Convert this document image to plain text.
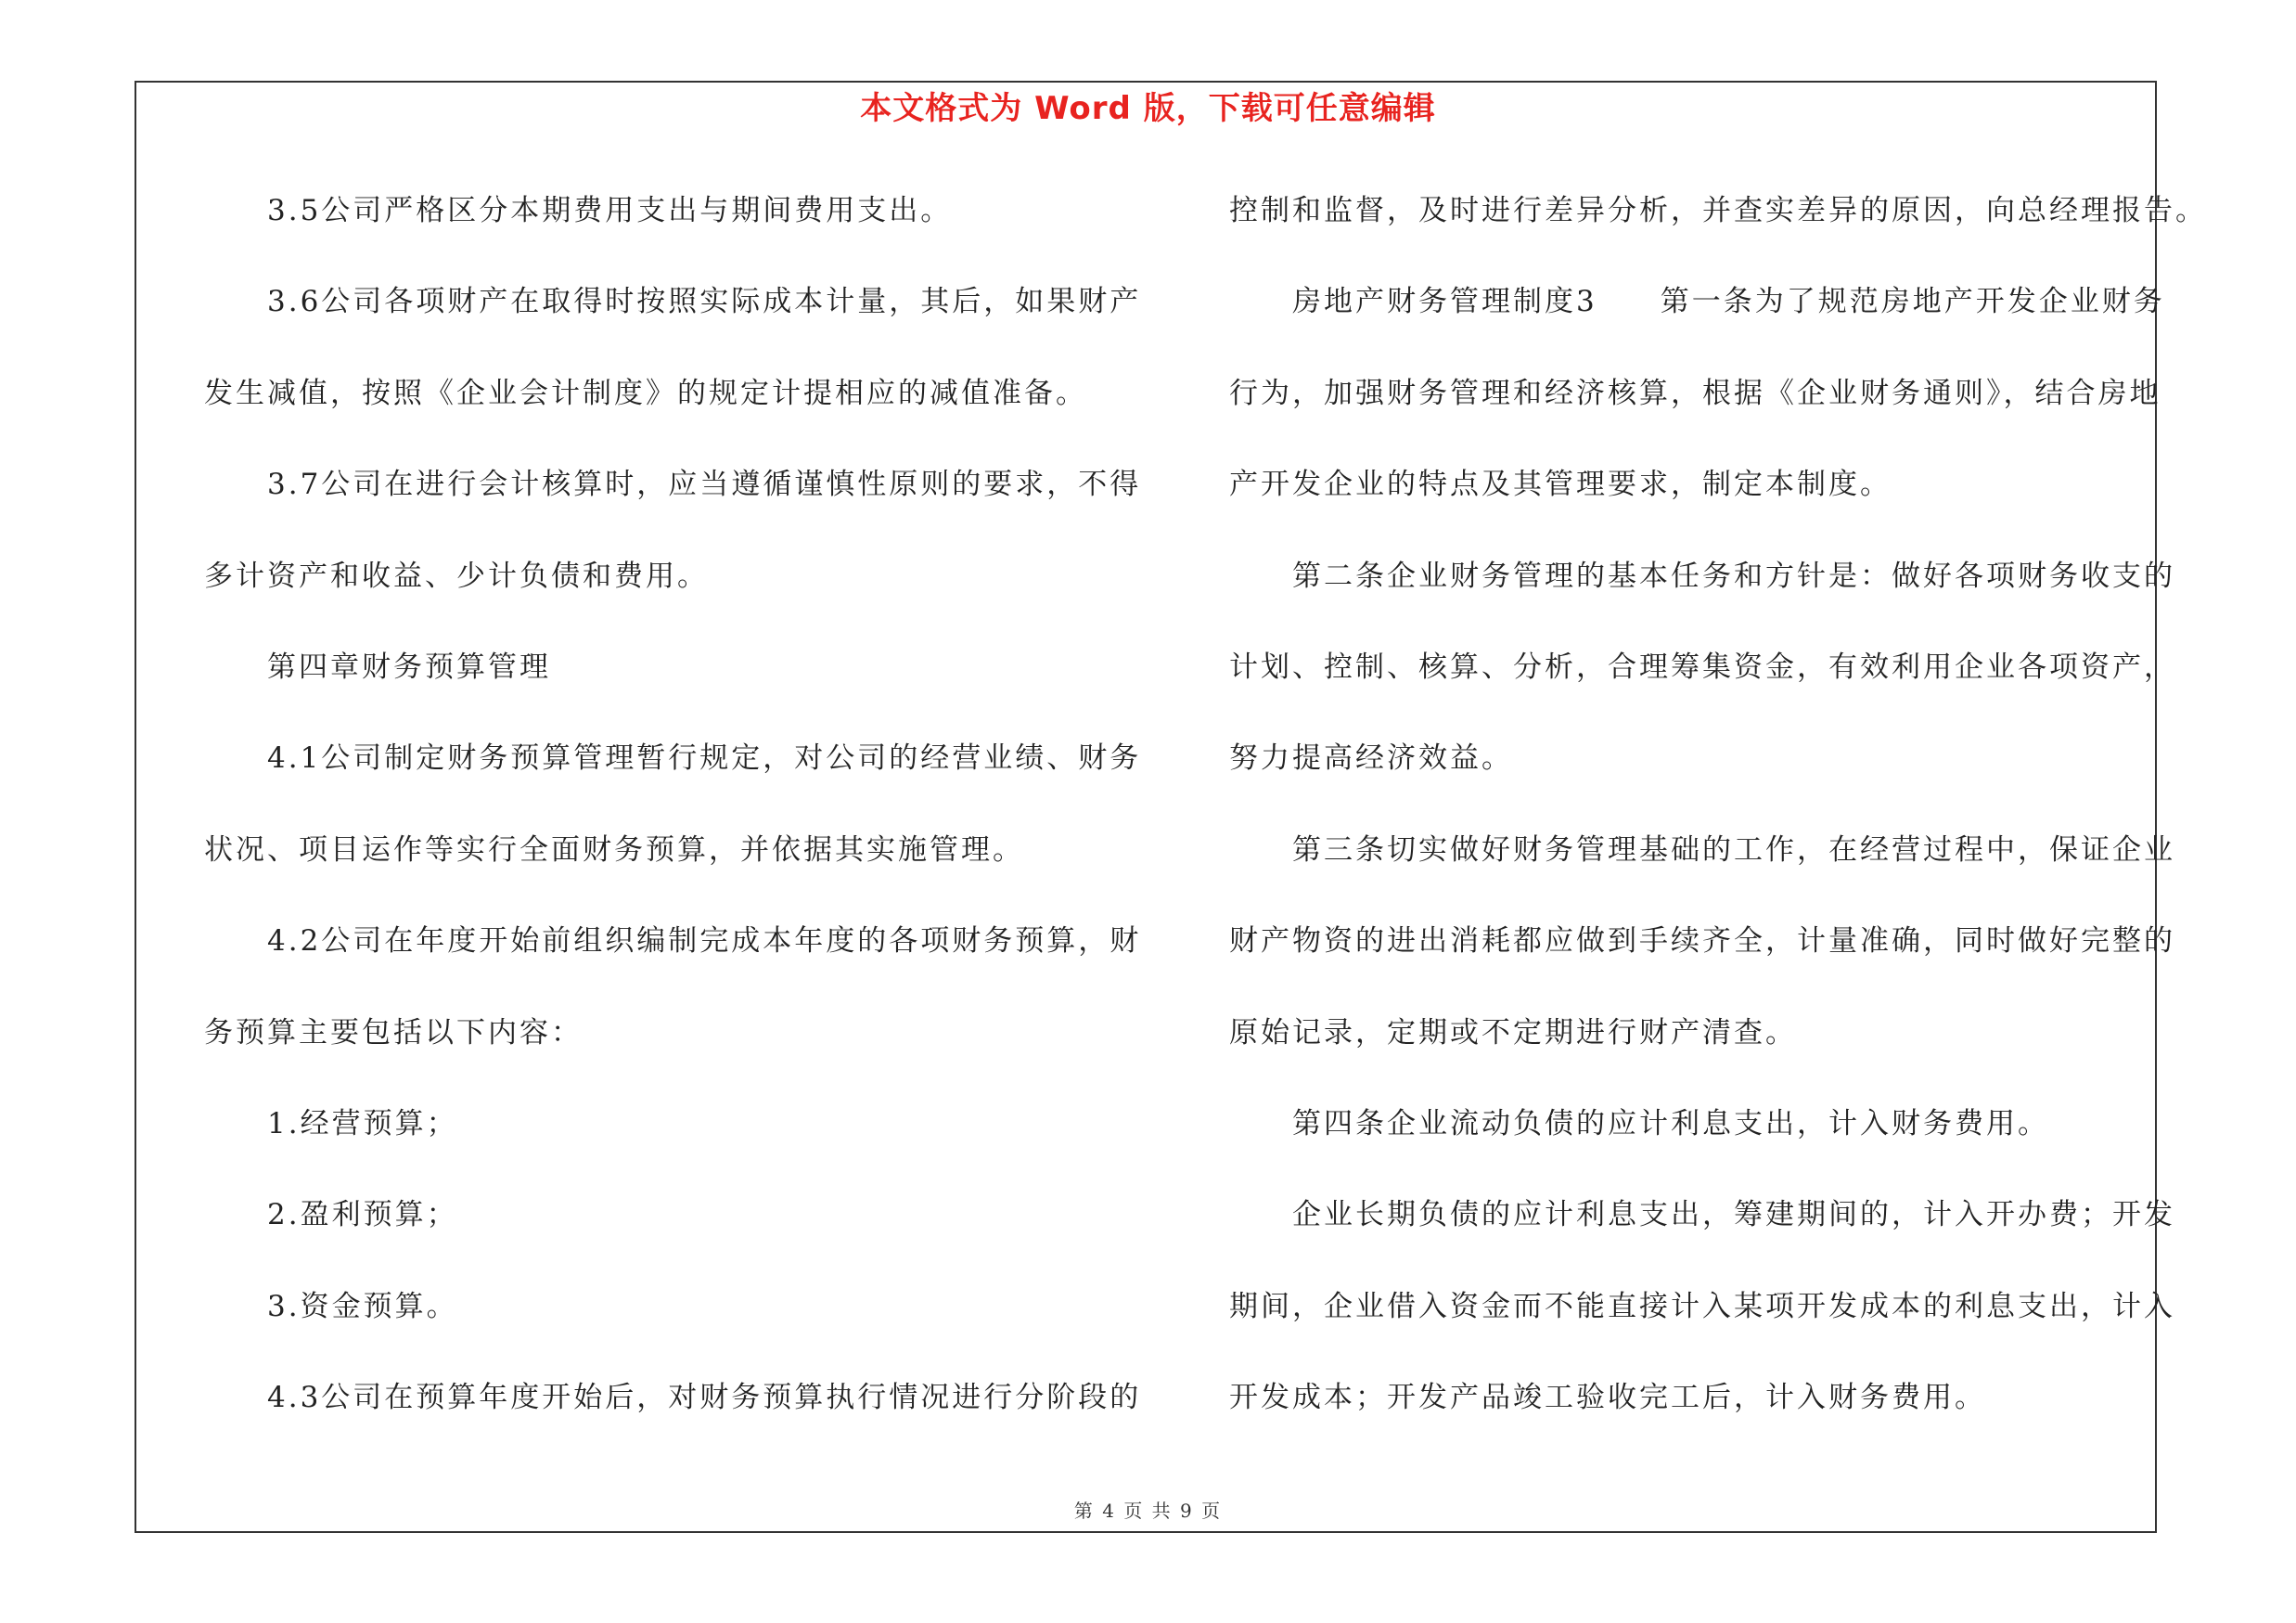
本文格式为 Word 版，下载可任意编辑
3.5公司严格区分本期费用支出与期间费用支出。
3.6公司各项财产在取得时按照实际成本计量，其后，如果财产
发生减值，按照《企业会计制度》的规定计提相应的减值准备。
3.7公司在进行会计核算时，应当遵循谨慎性原则的要求，不得
多计资产和收益、少计负债和费用。
第四章财务预算管理
4.1公司制定财务预算管理暂行规定，对公司的经营业绩、财务
状况、项目运作等实行全面财务预算，并依据其实施管理。
4.2公司在年度开始前组织编制完成本年度的各项财务预算，财
务预算主要包括以下内容：
1.经营预算；
2.盈利预算；
3.资金预算。
4.3公司在预算年度开始后，对财务预算执行情况进行分阶段的
控制和监督，及时进行差异分析，并查实差异的原因，向总经理报告。
房地产财务管理制度3　　第一条为了规范房地产开发企业财务
行为，加强财务管理和经济核算，根据《企业财务通则》，结合房地
产开发企业的特点及其管理要求，制定本制度。
第二条企业财务管理的基本任务和方针是：做好各项财务收支的
计划、控制、核算、分析，合理筹集资金，有效利用企业各项资产，
努力提高经济效益。
第三条切实做好财务管理基础的工作，在经营过程中，保证企业
财产物资的进出消耗都应做到手续齐全，计量准确，同时做好完整的
原始记录，定期或不定期进行财产清查。
第四条企业流动负债的应计利息支出，计入财务费用。
企业长期负债的应计利息支出，筹建期间的，计入开办费；开发
期间，企业借入资金而不能直接计入某项开发成本的利息支出，计入
开发成本；开发产品竣工验收完工后，计入财务费用。
第 4 页 共 9 页
